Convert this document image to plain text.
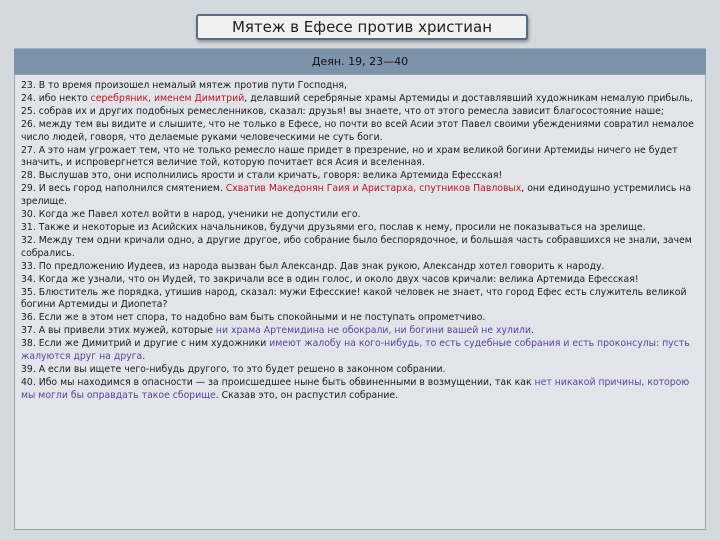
Мятеж в Ефесе против христиан
Деян. 19, 23—40

23. В то время произошел немалый мятеж против пути Господня,

24. ибо некто серебряник, именем Димитрий, делавший серебряные храмы Артемиды и доставлявший художникам немалую прибыль,

25. собрав их и других подобных ремесленников, сказал: друзья! вы знаете, что от этого ремесла зависит благосостояние наше;

26. между тем вы видите и слышите, что не только в Ефесе, но почти во всей Асии этот Павел своими убеждениями совратил немалое число людей, говоря, что делаемые руками человеческими не суть боги.

27. А это нам угрожает тем, что не только ремесло наше придет в презрение, но и храм великой богини Артемиды ничего не будет значить, и испровергнется величие той, которую почитает вся Асия и вселенная.

28. Выслушав это, они исполнились ярости и стали кричать, говоря: велика Артемида Ефесская!

29. И весь город наполнился смятением. Схватив Македонян Гаия и Аристарха, спутников Павловых, они единодушно устремились на зрелище.

30. Когда же Павел хотел войти в народ, ученики не допустили его.

31. Также и некоторые из Асийских начальников, будучи друзьями его, послав к нему, просили не показываться на зрелище.

32. Между тем одни кричали одно, а другие другое, ибо собрание было беспорядочное, и большая часть собравшихся не знали, зачем собрались.

33. По предложению Иудеев, из народа вызван был Александр. Дав знак рукою, Александр хотел говорить к народу.

34. Когда же узнали, что он Иудей, то закричали все в один голос, и около двух часов кричали: велика Артемида Ефесская!

35. Блюститель же порядка, утишив народ, сказал: мужи Ефесские! какой человек не знает, что город Ефес есть служитель великой богини Артемиды и Диопета?

36. Если же в этом нет спора, то надобно вам быть спокойными и не поступать опрометчиво.

37. А вы привели этих мужей, которые ни храма Артемидина не обокрали, ни богини вашей не хулили.

38. Если же Димитрий и другие с ним художники имеют жалобу на кого-нибудь, то есть судебные собрания и есть проконсулы: пусть жалуются друг на друга.

39. А если вы ищете чего-нибудь другого, то это будет решено в законном собрании.

40. Ибо мы находимся в опасности — за происшедшее ныне быть обвиненными в возмущении, так как нет никакой причины, которою мы могли бы оправдать такое сборище. Сказав это, он распустил собрание.
